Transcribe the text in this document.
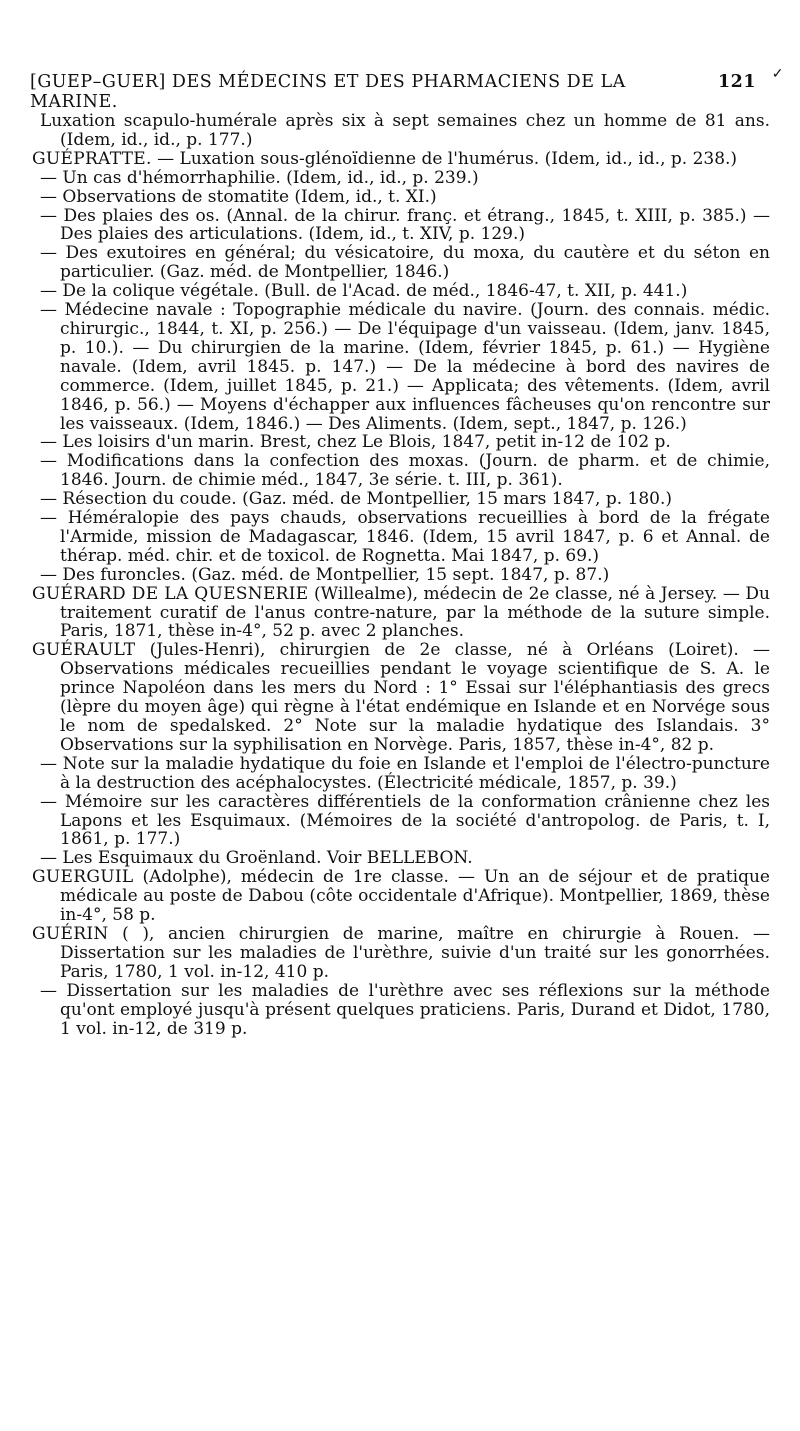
[GUEP–GUER] DES MÉDECINS ET DES PHARMACIENS DE LA MARINE.
121 ✓

Luxation scapulo-humérale après six à sept semaines chez un homme de 81 ans. (Idem, id., id., p. 177.)

GUÉPRATTE. — Luxation sous-glénoïdienne de l'humérus. (Idem, id., id., p. 238.)

— Un cas d'hémorrhaphilie. (Idem, id., id., p. 239.)

— Observations de stomatite (Idem, id., t. XI.)

— Des plaies des os. (Annal. de la chirur. franç. et étrang., 1845, t. XIII, p. 385.) — Des plaies des articulations. (Idem, id., t. XIV, p. 129.)

— Des exutoires en général; du vésicatoire, du moxa, du cautère et du séton en particulier. (Gaz. méd. de Montpellier, 1846.)

— De la colique végétale. (Bull. de l'Acad. de méd., 1846-47, t. XII, p. 441.)

— Médecine navale : Topographie médicale du navire. (Journ. des connais. médic. chirurgic., 1844, t. XI, p. 256.) — De l'équipage d'un vaisseau. (Idem, janv. 1845, p. 10.). — Du chirurgien de la marine. (Idem, février 1845, p. 61.) — Hygiène navale. (Idem, avril 1845. p. 147.) — De la médecine à bord des navires de commerce. (Idem, juillet 1845, p. 21.) — Applicata; des vêtements. (Idem, avril 1846, p. 56.) — Moyens d'échapper aux influences fâcheuses qu'on rencontre sur les vaisseaux. (Idem, 1846.) — Des Aliments. (Idem, sept., 1847, p. 126.)

— Les loisirs d'un marin. Brest, chez Le Blois, 1847, petit in-12 de 102 p.

— Modifications dans la confection des moxas. (Journ. de pharm. et de chimie, 1846. Journ. de chimie méd., 1847, 3e série. t. III, p. 361).

— Résection du coude. (Gaz. méd. de Montpellier, 15 mars 1847, p. 180.)

— Héméralopie des pays chauds, observations recueillies à bord de la frégate l'Armide, mission de Madagascar, 1846. (Idem, 15 avril 1847, p. 6 et Annal. de thérap. méd. chir. et de toxicol. de Rognetta. Mai 1847, p. 69.)

— Des furoncles. (Gaz. méd. de Montpellier, 15 sept. 1847, p. 87.)

GUÉRARD DE LA QUESNERIE (Willealme), médecin de 2e classe, né à Jersey. — Du traitement curatif de l'anus contre-nature, par la méthode de la suture simple. Paris, 1871, thèse in-4°, 52 p. avec 2 planches.

GUÉRAULT (Jules-Henri), chirurgien de 2e classe, né à Orléans (Loiret). — Observations médicales recueillies pendant le voyage scientifique de S. A. le prince Napoléon dans les mers du Nord : 1° Essai sur l'éléphantiasis des grecs (lèpre du moyen âge) qui règne à l'état endémique en Islande et en Norvége sous le nom de spedalsked. 2° Note sur la maladie hydatique des Islandais. 3° Observations sur la syphilisation en Norvège. Paris, 1857, thèse in-4°, 82 p.

— Note sur la maladie hydatique du foie en Islande et l'emploi de l'électro-puncture à la destruction des acéphalocystes. (Électricité médicale, 1857, p. 39.)

— Mémoire sur les caractères différentiels de la conformation crânienne chez les Lapons et les Esquimaux. (Mémoires de la société d'antropolog. de Paris, t. I, 1861, p. 177.)

— Les Esquimaux du Groënland. Voir BELLEBON.

GUERGUIL (Adolphe), médecin de 1re classe. — Un an de séjour et de pratique médicale au poste de Dabou (côte occidentale d'Afrique). Montpellier, 1869, thèse in-4°, 58 p.

GUÉRIN ( ), ancien chirurgien de marine, maître en chirurgie à Rouen. — Dissertation sur les maladies de l'urèthre, suivie d'un traité sur les gonorrhées. Paris, 1780, 1 vol. in-12, 410 p.

— Dissertation sur les maladies de l'urèthre avec ses réflexions sur la méthode qu'ont employé jusqu'à présent quelques praticiens. Paris, Durand et Didot, 1780, 1 vol. in-12, de 319 p.
